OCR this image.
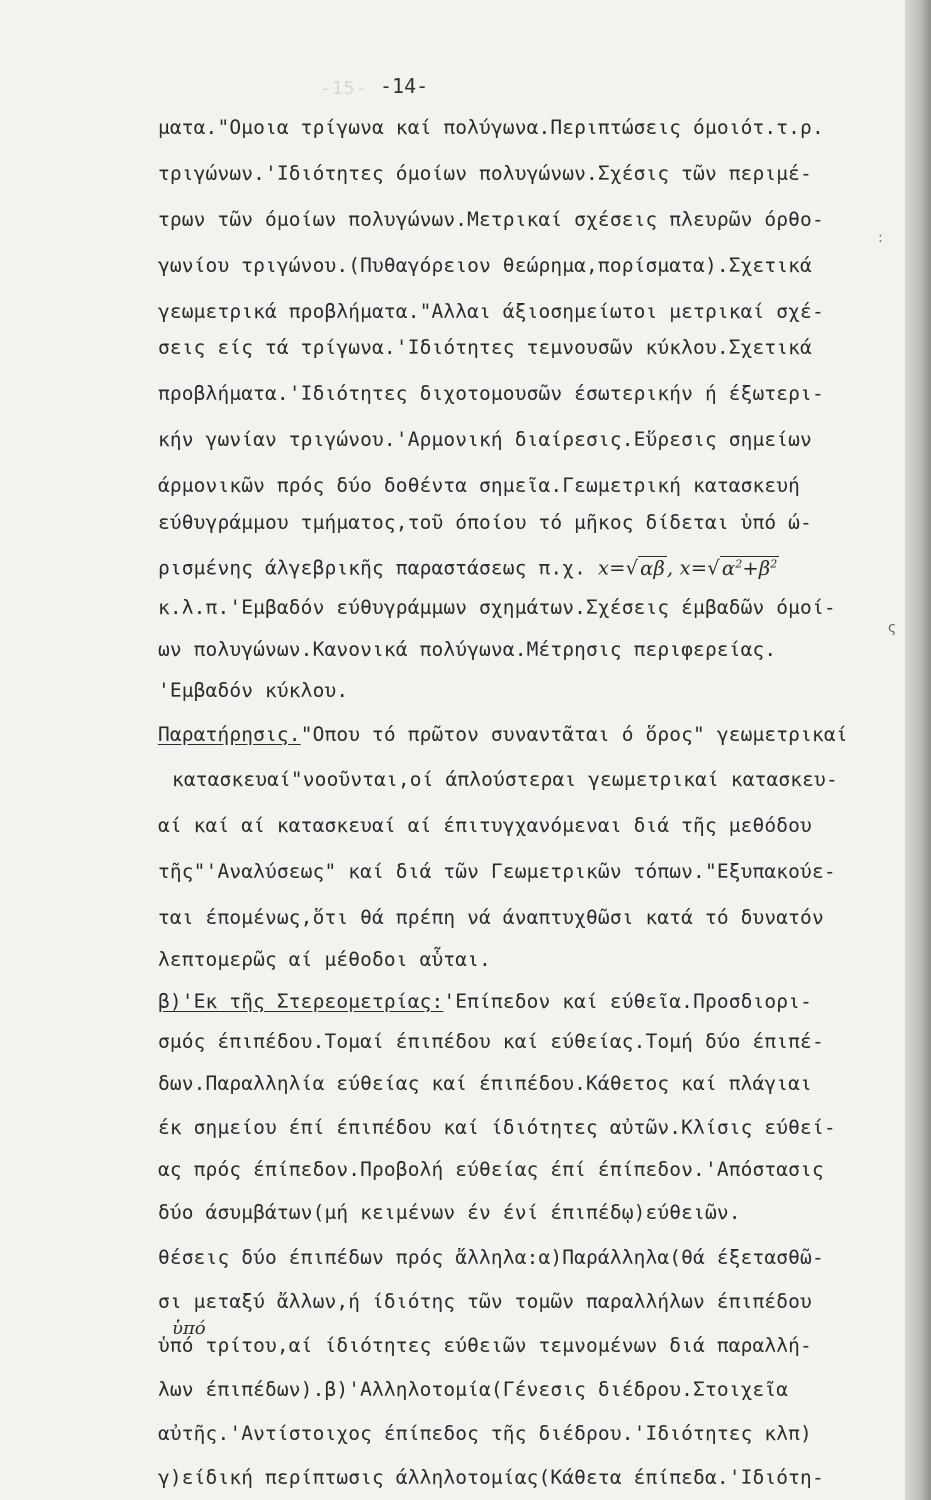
-15- -14-
ματα."Ομοια τρίγωνα καί πολύγωνα.Περιπτώσεις όμοιότ.τ.ρ.
τριγώνων.'Ιδιότητες όμοίων πολυγώνων.Σχέσις τῶν περιμέ-
τρων τῶν όμοίων πολυγώνων.Μετρικαί σχέσεις πλευρῶν όρθο-
γωνίου τριγώνου.(Πυθαγόρειον θεώρημα,πορίσματα).Σχετικά
γεωμετρικά προβλήματα."Αλλαι άξιοσημείωτοι μετρικαί σχέ-
σεις είς τά τρίγωνα.'Ιδιότητες τεμνουσῶν κύκλου.Σχετικά
προβλήματα.'Ιδιότητες διχοτομουσῶν έσωτερικήν ή έξωτερι-
κήν γωνίαν τριγώνου.'Αρμονική διαίρεσις.Εὕρεσις σημείων
άρμονικῶν πρός δύο δοθέντα σημεῖα.Γεωμετρική κατασκευή
εύθυγράμμου τμήματος,τοῦ όποίου τό μῆκος δίδεται ὑπό ώ-
ρισμένης άλγεβρικῆς παραστάσεως π.χ. x=√ αβ , x=√ $\alpha^2+\beta^2$
κ.λ.π.'Εμβαδόν εύθυγράμμων σχημάτων.Σχέσεις έμβαδῶν όμοί-
ων πολυγώνων.Κανονικά πολύγωνα.Μέτρησις περιφερείας.
'Εμβαδόν κύκλου.
Παρατήρησις."Οπου τό πρῶτον συναντᾶται ό ὅρος" γεωμετρικαί
κατασκευαί"νοοῦνται,οί άπλούστεραι γεωμετρικαί κατασκευ-
αί καί αί κατασκευαί αί έπιτυγχανόμεναι διά τῆς μεθόδου
τῆς"'Αναλύσεως" καί διά τῶν Γεωμετρικῶν τόπων."Εξυπακούε-
ται έπομένως,ὅτι θά πρέπη νά άναπτυχθῶσι κατά τό δυνατόν
λεπτομερῶς αί μέθοδοι αὗται.
β)'Εκ τῆς Στερεομετρίας:'Επίπεδον καί εύθεῖα.Προσδιορι-
σμός έπιπέδου.Τομαί έπιπέδου καί εύθείας.Τομή δύο έπιπέ-
δων.Παραλληλία εύθείας καί έπιπέδου.Κάθετος καί πλάγιαι
έκ σημείου έπί έπιπέδου καί ίδιότητες αὐτῶν.Κλίσις εύθεί-
ας πρός έπίπεδον.Προβολή εύθείας έπί έπίπεδον.'Απόστασις
δύο άσυμβάτων(μή κειμένων έν ένί έπιπέδῳ)εύθειῶν.
θέσεις δύο έπιπέδων πρός ἄλληλα:α)Παράλληλα(θά έξετασθῶ-
σι μεταξύ ἄλλων,ή ίδιότης τῶν τομῶν παραλλήλων έπιπέδου
ὑπό
ὑπό τρίτου,αί ίδιότητες εύθειῶν τεμνομένων διά παραλλή-
λων έπιπέδων).β)'Αλληλοτομία(Γένεσις διέδρου.Στοιχεῖα
αὐτῆς.'Αντίστοιχος έπίπεδος τῆς διέδρου.'Ιδιότητες κλπ)
γ)είδική περίπτωσις άλληλοτομίας(Κάθετα έπίπεδα.'Ιδιότη-
:
ς
